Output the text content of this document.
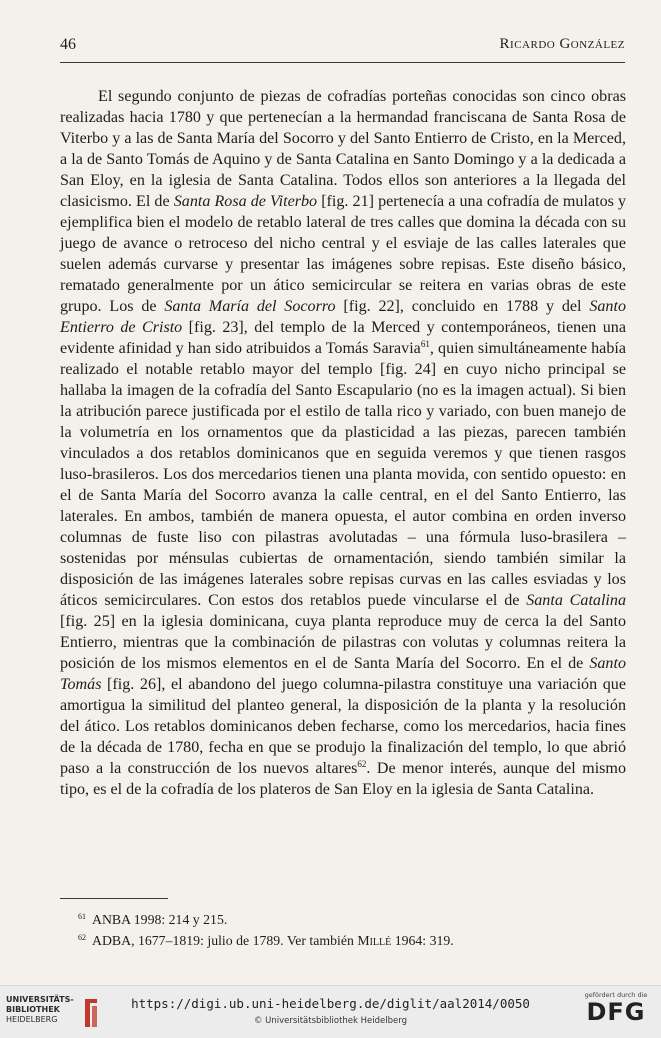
46	Ricardo González

El segundo conjunto de piezas de cofradías porteñas conocidas son cinco obras realizadas hacia 1780 y que pertenecían a la hermandad franciscana de Santa Rosa de Viterbo y a las de Santa María del Socorro y del Santo Entierro de Cristo, en la Merced, a la de Santo Tomás de Aquino y de Santa Catalina en Santo Domingo y a la dedicada a San Eloy, en la iglesia de Santa Catalina. Todos ellos son anteriores a la llegada del clasicismo. El de Santa Rosa de Viterbo [fig. 21] pertenecía a una cofradía de mulatos y ejemplifica bien el modelo de retablo lateral de tres calles que domina la década con su juego de avance o retroceso del nicho central y el esviaje de las calles laterales que suelen además curvarse y presentar las imágenes sobre repisas. Este diseño básico, rematado generalmente por un ático semicircular se reitera en varias obras de este grupo. Los de Santa María del Socorro [fig. 22], concluido en 1788 y del Santo Entierro de Cristo [fig. 23], del templo de la Merced y contemporáneos, tienen una evidente afinidad y han sido atribuidos a Tomás Saravia$^{61}$, quien simultáneamente había realizado el notable retablo mayor del templo [fig. 24] en cuyo nicho principal se hallaba la imagen de la cofradía del Santo Escapulario (no es la imagen actual). Si bien la atribución parece justificada por el estilo de talla rico y variado, con buen manejo de la volumetría en los ornamentos que da plasticidad a las piezas, parecen también vinculados a dos retablos dominicanos que en seguida veremos y que tienen rasgos luso-brasileros. Los dos mercedarios tienen una planta movida, con sentido opuesto: en el de Santa María del Socorro avanza la calle central, en el del Santo Entierro, las laterales. En ambos, también de manera opuesta, el autor combina en orden inverso columnas de fuste liso con pilastras avolutadas – una fórmula luso-brasilera – sostenidas por ménsulas cubiertas de ornamentación, siendo también similar la disposición de las imágenes laterales sobre repisas curvas en las calles esviadas y los áticos semicirculares. Con estos dos retablos puede vincularse el de Santa Catalina [fig. 25] en la iglesia dominicana, cuya planta reproduce muy de cerca la del Santo Entierro, mientras que la combinación de pilastras con volutas y columnas reitera la posición de los mismos elementos en el de Santa María del Socorro. En el de Santo Tomás [fig. 26], el abandono del juego columna-pilastra constituye una variación que amortigua la similitud del planteo general, la disposición de la planta y la resolución del ático. Los retablos dominicanos deben fecharse, como los mercedarios, hacia fines de la década de 1780, fecha en que se produjo la finalización del templo, lo que abrió paso a la construcción de los nuevos altares$^{62}$. De menor interés, aunque del mismo tipo, es el de la cofradía de los plateros de San Eloy en la iglesia de Santa Catalina.

$^{61}$ ANBA 1998: 214 y 215.
$^{62}$ ADBA, 1677–1819: julio de 1789. Ver también Millé 1964: 319.
UNIVERSITÄTS-
BIBLIOTHEK
HEIDELBERG
https://digi.ub.uni-heidelberg.de/diglit/aal2014/0050
© Universitätsbibliothek Heidelberg
gefördert durch die
DFG
